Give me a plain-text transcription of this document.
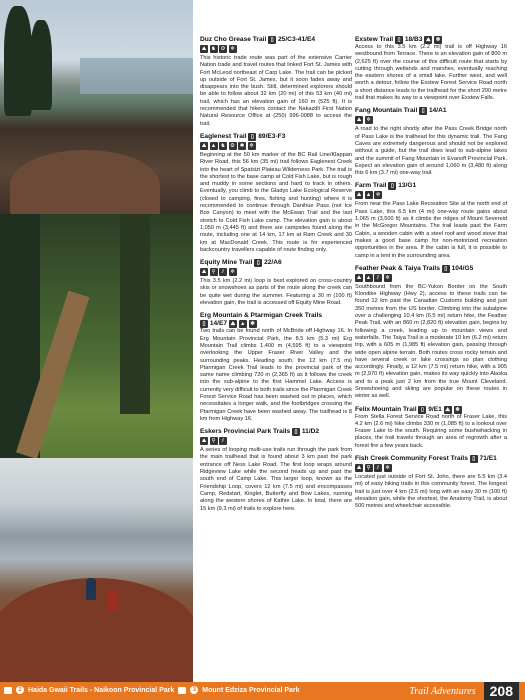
Duz Cho Grease Trail ▯ 25/C3-41/E4

⛰ ♞ ⚙ ❄

This historic trade route was part of the extensive Carrier Nation trade and travel routes that linked Fort St. James with Fort McLeod northeast of Carp Lake. The trail can be picked up outside of Fort St. James, but it soon fades away and disappears into the bush. Still, determined explorers should be able to follow about 32 km (20 mi) of this 53 km (40 mi) trail, which has an elevation gain of 160 m (525 ft). It is recommended that hikers contact the Nakazdli First Nation Natural Resource Office at (250) 996-0088 to access the trail.

Eaglenest Trail ▯ 89/E3-F3

⛰ ▲ ♞ ⚙ ✱ ❄

Beginning at the 50 km marker of the BC Rail Line/Klappan River Road, this 56 km (35 mi) trail follows Eaglenest Creek into the heart of Spatsizi Plateau Wilderness Park. The trail is the shortest to the base camp at Cold Fish Lake, but is rough and muddy in some sections and hard to track in others. Eventually, you climb to the Gladys Lake Ecological Reserve (closed to camping, fires, fishing and hunting) where it is recommended to continue through Danihue Pass (not Ice Box Canyon) to meet with the McEwan Trail and the last stretch to Cold Fish Lake camp. The elevation gain is about 1,050 m (3,445 ft) and there are campsites found along the route, including one at 14 km, 17 km at Ram Creek and 30 km at MacDonald Creek. This route is for experienced backcountry travellers capable of route finding only.

Equity Mine Trail ▯ 22/A6

⛰ ⚲	⫽	❄

This 3.5 km (2.2 mi) loop is best explored on cross-country skis or snowshoes as parts of the route along the creek can be quite wet during the summer. Featuring a 30 m (100 ft) elevation gain, the trail is accessed off Equity Mine Road.

Erg Mountain & Ptarmigan Creek Trails
▯ 14/E7 ⛰ ▲ ❄

Two trails can be found north of McBride off Highway 16. In Erg Mountain Provincial Park, the 8.5 km (5.3 mi) Erg Mountain Trail climbs 1,400 m (4,595 ft) to a viewpoint overlooking the Upper Fraser River Valley and the surrounding peaks. Heading south, the 12 km (7.5 mi) Ptarmigan Creek Trail leads to the provincial park of the same name climbing 720 m (2,365 ft) as it follows the creek into the sub-alpine to the first Hammel Lake. Access is currently very difficult to both trails since the Ptarmigan Creek Forest Service Road has been washed out in places, which necessitates a longer walk, and the footbridges crossing the Ptarmigan Creek have been washed away. The trailhead is 8 km from Highway 16.

Eskers Provincial Park Trails ▯ 11/D2

⛰ ⚲	⫽

A series of looping multi-use trails run through the park from the main trailhead that is found about 3 km past the park entrance off Ness Lake Road. The first loop wraps around Ridgeview Lake while the second heads up and past the south end of Camp Lake. This larger loop, known as the Friendship Loop, covers 12 km (7.5 mi) and encompasses Camp, Redstart, Kinglet, Butterfly and Bow Lakes, running along the western shores of Kathie Lake. In total, there are 15 km (9.3 mi) of trails to explore here.

Exstew Trail ▯ 18/B3 ⛰ ❄

Access to this 3.5 km (2.2 mi) trail is off Highway 16 westbound from Terrace. There is an elevation gain of 800 m (2,625 ft) over the course of this difficult route that starts by cutting through wetlands and marshes, eventually reaching the eastern shores of a small lake. Further west, and well worth a detour, follow the Exstew Forest Service Road north a short distance leads to the trailhead for the short 200 metre trail that makes its way to a viewpoint over Exstew Falls.

Fang Mountain Trail ▯ 14/A1

⛰ ❄

A road to the right shortly after the Pass Creek Bridge north of Pass Lake is the trailhead for this dynamic trail. The Fang Caves are extremely dangerous and should not be explored without a guide, but the trail does lead to sub-alpine lakes and the summit of Fang Mountain in Evanoff Provincial Park. Expect an elevation gain of around 1,060 m (3,480 ft) along this 6 km (3.7 mi) one-way trail.

Farm Trail ▯ 13/G1

⛰ ▲ ❄

From near the Pass Lake Recreation Site at the north end of Pass Lake, this 6.5 km (4 mi) one-way route gains about 1,065 m (3,500 ft) as it climbs the ridges of Mount Severeid in the McGregor Mountains. The trail leads past the Farm Cabin, a wooden cabin with a steel roof and wood stove that makes a good base camp for non-motorized recreation opportunities in the area. If the cabin is full, it is possible to camp in a tent in the surrounding area.

Feather Peak & Taiya Trails ▯ 104/G5

⛰ ▲	⫽	❄

Southbound from the BC-Yukon Border on the South Klondike Highway (Hwy 2), access to these trails can be found 12 km past the Canadian Customs building and just 350 metres from the US border. Climbing into the subalpine over a challenging 10.4 km (6.5 mi) return hike, the Feather Peak Trail, with an 860 m (2,820 ft) elevation gain, begins by following a creek, leading up to mountain views and waterfalls. The Taiya Trail is a moderate 10 km (6.2 mi) return trip, with a 605 m (1,985 ft) elevation gain, passing through wide open alpine terrain. Both routes cross rocky terrain and have several creek or lake crossings so plan clothing accordingly. Finally, a 12 km (7.5 mi) return hike, with a 905 m (2,970 ft) elevation gain, makes its way quickly into Alaska and to a peak just 2 km from the true Mount Cleveland. Snowshoeing and skiing are popular on these routes in winter as well.

Felix Mountain Trail ▯ 9/E1 ⛰ ❄

From Stella Forest Service Road north of Fraser Lake, this 4.2 km (2.6 mi) hike climbs 330 m (1,085 ft) to a lookout over Fraser Lake to the south. Requiring some bushwhacking in places, the trail travels through an area of regrowth after a forest fire a few years back.

Fish Creek Community Forest Trails ▯ 71/E1

⛰ ⚲	⫽	❄

Located just outside of Fort St. John, there are 5.5 km (3.4 mi) of easy hiking trails in this community forest. The longest trail is just over 4 km (2.5 mi) long with an easy 30 m (100 ft) elevation gain, while the shortest, the Anatomy Trail, is about 500 metres and wheelchair accessible.

2 Haida Gwaii Trails - Naikoon Provincial Park	3 Mount Edziza Provincial Park	Trail Adventures	208
